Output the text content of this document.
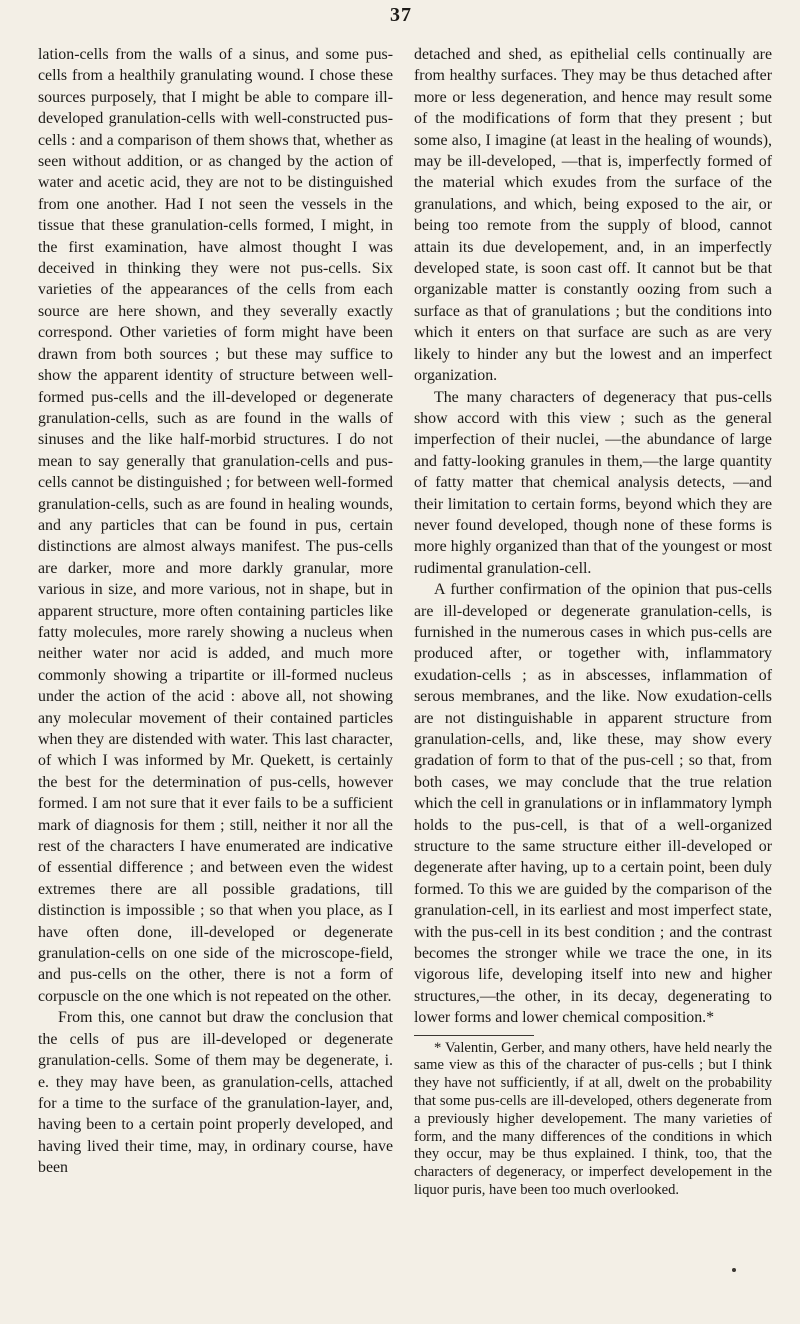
37

lation-cells from the walls of a sinus, and some pus-cells from a healthily granulating wound. I chose these sources purposely, that I might be able to compare ill-developed granulation-cells with well-constructed pus-cells : and a comparison of them shows that, whether as seen without addition, or as changed by the action of water and acetic acid, they are not to be distinguished from one another. Had I not seen the vessels in the tissue that these granulation-cells formed, I might, in the first examination, have almost thought I was deceived in thinking they were not pus-cells. Six varieties of the appearances of the cells from each source are here shown, and they severally exactly correspond. Other varieties of form might have been drawn from both sources ; but these may suffice to show the apparent identity of structure between well-formed pus-cells and the ill-developed or degenerate granulation-cells, such as are found in the walls of sinuses and the like half-morbid structures. I do not mean to say generally that granulation-cells and pus-cells cannot be distinguished ; for between well-formed granulation-cells, such as are found in healing wounds, and any particles that can be found in pus, certain distinctions are almost always manifest. The pus-cells are darker, more and more darkly granular, more various in size, and more various, not in shape, but in apparent structure, more often containing particles like fatty molecules, more rarely showing a nucleus when neither water nor acid is added, and much more commonly showing a tripartite or ill-formed nucleus under the action of the acid : above all, not showing any molecular movement of their contained particles when they are distended with water. This last character, of which I was informed by Mr. Quekett, is certainly the best for the determination of pus-cells, however formed. I am not sure that it ever fails to be a sufficient mark of diagnosis for them ; still, neither it nor all the rest of the characters I have enumerated are indicative of essential difference ; and between even the widest extremes there are all possible gradations, till distinction is impossible ; so that when you place, as I have often done, ill-developed or degenerate granulation-cells on one side of the microscope-field, and pus-cells on the other, there is not a form of corpuscle on the one which is not repeated on the other.

From this, one cannot but draw the conclusion that the cells of pus are ill-developed or degenerate granulation-cells. Some of them may be degenerate, i. e. they may have been, as granulation-cells, attached for a time to the surface of the granulation-layer, and, having been to a certain point properly developed, and having lived their time, may, in ordinary course, have been

detached and shed, as epithelial cells continually are from healthy surfaces. They may be thus detached after more or less degeneration, and hence may result some of the modifications of form that they present ; but some also, I imagine (at least in the healing of wounds), may be ill-developed, —that is, imperfectly formed of the material which exudes from the surface of the granulations, and which, being exposed to the air, or being too remote from the supply of blood, cannot attain its due developement, and, in an imperfectly developed state, is soon cast off. It cannot but be that organizable matter is constantly oozing from such a surface as that of granulations ; but the conditions into which it enters on that surface are such as are very likely to hinder any but the lowest and an imperfect organization.

The many characters of degeneracy that pus-cells show accord with this view ; such as the general imperfection of their nuclei, —the abundance of large and fatty-looking granules in them,—the large quantity of fatty matter that chemical analysis detects, —and their limitation to certain forms, beyond which they are never found developed, though none of these forms is more highly organized than that of the youngest or most rudimental granulation-cell.

A further confirmation of the opinion that pus-cells are ill-developed or degenerate granulation-cells, is furnished in the numerous cases in which pus-cells are produced after, or together with, inflammatory exudation-cells ; as in abscesses, inflammation of serous membranes, and the like. Now exudation-cells are not distinguishable in apparent structure from granulation-cells, and, like these, may show every gradation of form to that of the pus-cell ; so that, from both cases, we may conclude that the true relation which the cell in granulations or in inflammatory lymph holds to the pus-cell, is that of a well-organized structure to the same structure either ill-developed or degenerate after having, up to a certain point, been duly formed. To this we are guided by the comparison of the granulation-cell, in its earliest and most imperfect state, with the pus-cell in its best condition ; and the contrast becomes the stronger while we trace the one, in its vigorous life, developing itself into new and higher structures,—the other, in its decay, degenerating to lower forms and lower chemical composition.*

* Valentin, Gerber, and many others, have held nearly the same view as this of the character of pus-cells ; but I think they have not sufficiently, if at all, dwelt on the probability that some pus-cells are ill-developed, others degenerate from a previously higher developement. The many varieties of form, and the many differences of the conditions in which they occur, may be thus explained. I think, too, that the characters of degeneracy, or imperfect developement in the liquor puris, have been too much overlooked.
